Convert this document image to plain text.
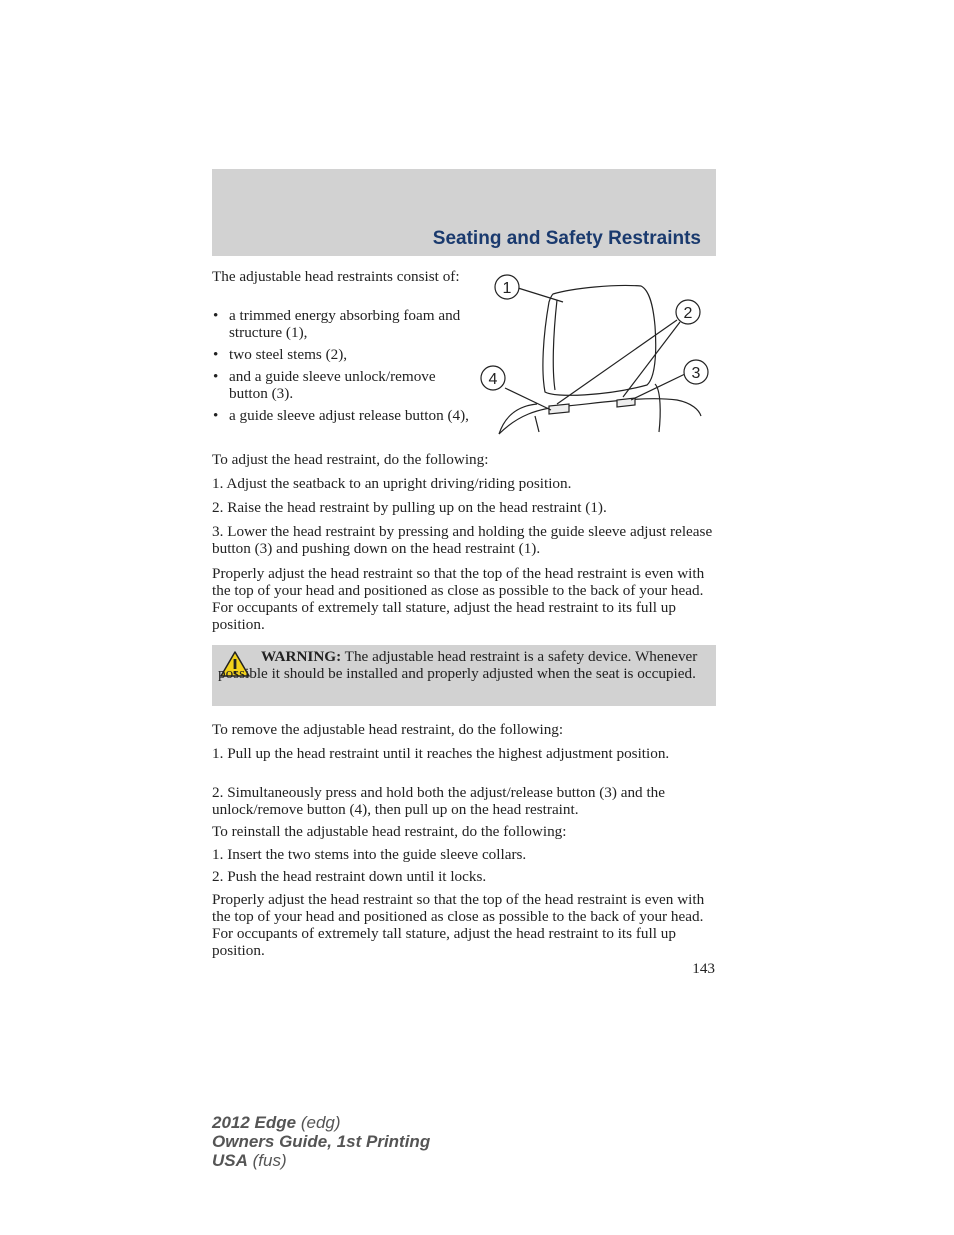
Seating and Safety Restraints
The adjustable head restraints consist of:
• a trimmed energy absorbing foam and structure (1),
• two steel stems (2),
• and a guide sleeve unlock/remove button (3).
• a guide sleeve adjust release button (4),
1
2
3
4

To adjust the head restraint, do the following:

1. Adjust the seatback to an upright driving/riding position.

2. Raise the head restraint by pulling up on the head restraint (1).

3. Lower the head restraint by pressing and holding the guide sleeve adjust release button (3) and pushing down on the head restraint (1).

Properly adjust the head restraint so that the top of the head restraint is even with the top of your head and positioned as close as possible to the back of your head. For occupants of extremely tall stature, adjust the head restraint to its full up position.

WARNING: The adjustable head restraint is a safety device. Whenever possible it should be installed and properly adjusted when the seat is occupied.

To remove the adjustable head restraint, do the following:

1. Pull up the head restraint until it reaches the highest adjustment position.

2. Simultaneously press and hold both the adjust/release button (3) and the unlock/remove button (4), then pull up on the head restraint.

To reinstall the adjustable head restraint, do the following:

1. Insert the two stems into the guide sleeve collars.

2. Push the head restraint down until it locks.

Properly adjust the head restraint so that the top of the head restraint is even with the top of your head and positioned as close as possible to the back of your head. For occupants of extremely tall stature, adjust the head restraint to its full up position.

143
2012 Edge (edg)
Owners Guide, 1st Printing
USA (fus)
